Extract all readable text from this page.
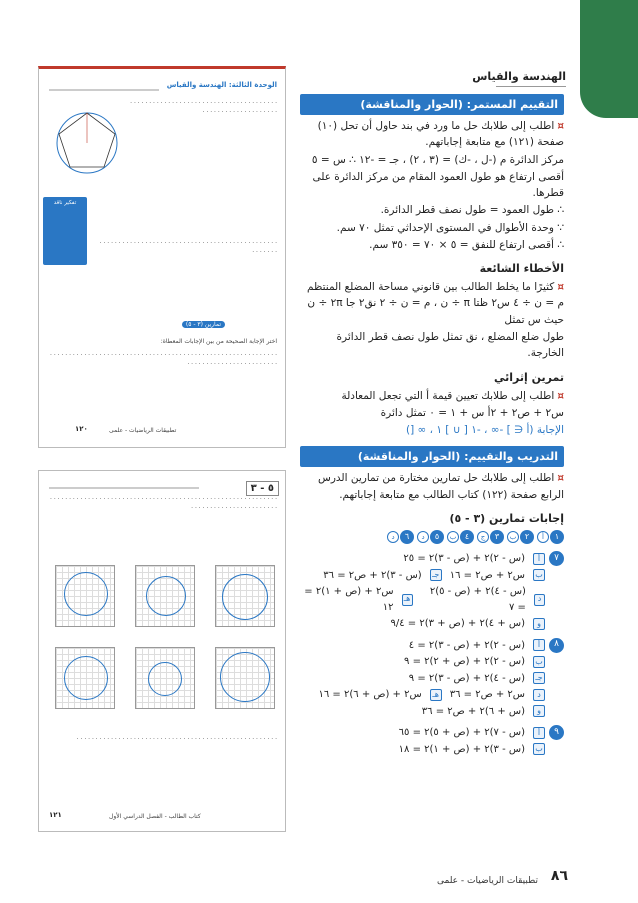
الهندسة والقياس
الوحدة الثالثة: الهندسة والقياس
· · · · · · · · · · · · · · · · · · · · · · · · · · · · · · · · · · · · · · · · · · · · · · · · · · · · · · · · · · ·
تفكير ناقد
· · · · · · · · · · · · · · · · · · · · · · · · · · · · · · · · · · · · · · · · · · · · · · · · · · · · · ·
تمارين (٣ - ٥)
اختر الإجابة الصحيحة من بين الإجابات المعطاة:
· · · · · · · · · · · · · · · · · · · · · · · · · · · · · · · · · · · · · · · · · · · · · · · · · · · · · · · · · · · · · · · · · · · · · · · · · · · · · · · · · · · ·
١٢٠	تطبيقات الرياضيات - علمى
٥ - ٣
· · · · · · · · · · · · · · · · · · · · · · · · · · · · · · · · · · · · · · · · · · · · · · · · · · · · · · · · · · · · · · · · · · · · · · · · · · · · · · · · · · ·
· · · · · · · · · · · · · · · · · · · · · · · · · · · · · · · · · · · · · · · · · · · · · · · · · · · · ·
١٢١	كتاب الطالب - الفصل الدراسي الأول
التقييم المستمر: (الحوار والمناقشة)
¤اطلب إلى طلابك حل ما ورد في بند حاول أن تحل (١٠) صفحة (١٢١) مع متابعة إجاباتهم.
مركز الدائرة م (-ل ، -ك) = (٣ ، ٢) ، جـ = -١٢ ∴ س = ٥
أقصى ارتفاع هو طول العمود المقام من مركز الدائرة على قطرها.
∴ طول العمود = طول نصف قطر الدائرة.
∵ وحدة الأطوال في المستوى الإحداثي تمثل ٧٠ سم.
∴ أقصى ارتفاع للنفق = ٥ × ٧٠ = ٣٥٠ سم.
الأخطاء الشائعة
¤كثيرًا ما يخلط الطالب بين قانوني مساحة المضلع المنتظم م = ن ÷ ٤ س٢ ظتا π ÷ ن ، م = ن ÷ ٢ نق٢ جا ٢π ÷ ن حيث س تمثل
طول ضلع المضلع ، نق تمثل طول نصف قطر الدائرة الخارجة.
تمرين إثرائي
¤اطلب إلى طلابك تعيين قيمة أ التي تجعل المعادلة
س٢ + ص٢ + ٢أ س + ١ = ٠ تمثل دائرة
الإجابة (أ ∈ ] -∞ ، -١ [ ∪ ] ١ ، ∞ [)
التدريب والتقييم: (الحوار والمناقشة)
¤اطلب إلى طلابك حل تمارين مختارة من تمارين الدرس الرابع صفحة (١٢٢) كتاب الطالب مع متابعة إجاباتهم.
إجابات تمارين (٣ - ٥)
١
أ
٢
ب
٣
ج
٤
ب
٥
د
٦
د
٧
أ
(س - ٢)٢ + (ص - ٣)٢ = ٢٥
ب
س٢ + ص٢ = ١٦
جـ
(س - ٣)٢ + ص٢ = ٣٦
د
(س - ٤)٢ + (ص - ٥)٢ = ٧
هـ
س٢ + (ص + ١)٢ = ١٢
و
(س + ٤)٢ + (ص + ٣)٢ = ٩/٤
٨
أ
(س - ٢)٢ + (ص - ٣)٢ = ٤
ب
(س - ٢)٢ + (ص + ٢)٢ = ٩
جـ
(س - ٤)٢ + (ص - ٣)٢ = ٩
د
س٢ + ص٢ = ٣٦
هـ
س٢ + (ص + ٦)٢ = ١٦
و
(س + ٦)٢ + ص٢ = ٣٦
٩
أ
(س - ٧)٢ + (ص + ٥)٢ = ٦٥
ب
(س - ٣)٢ + (ص + ١)٢ = ١٨
٨٦
تطبيقات الرياضيات - علمى
